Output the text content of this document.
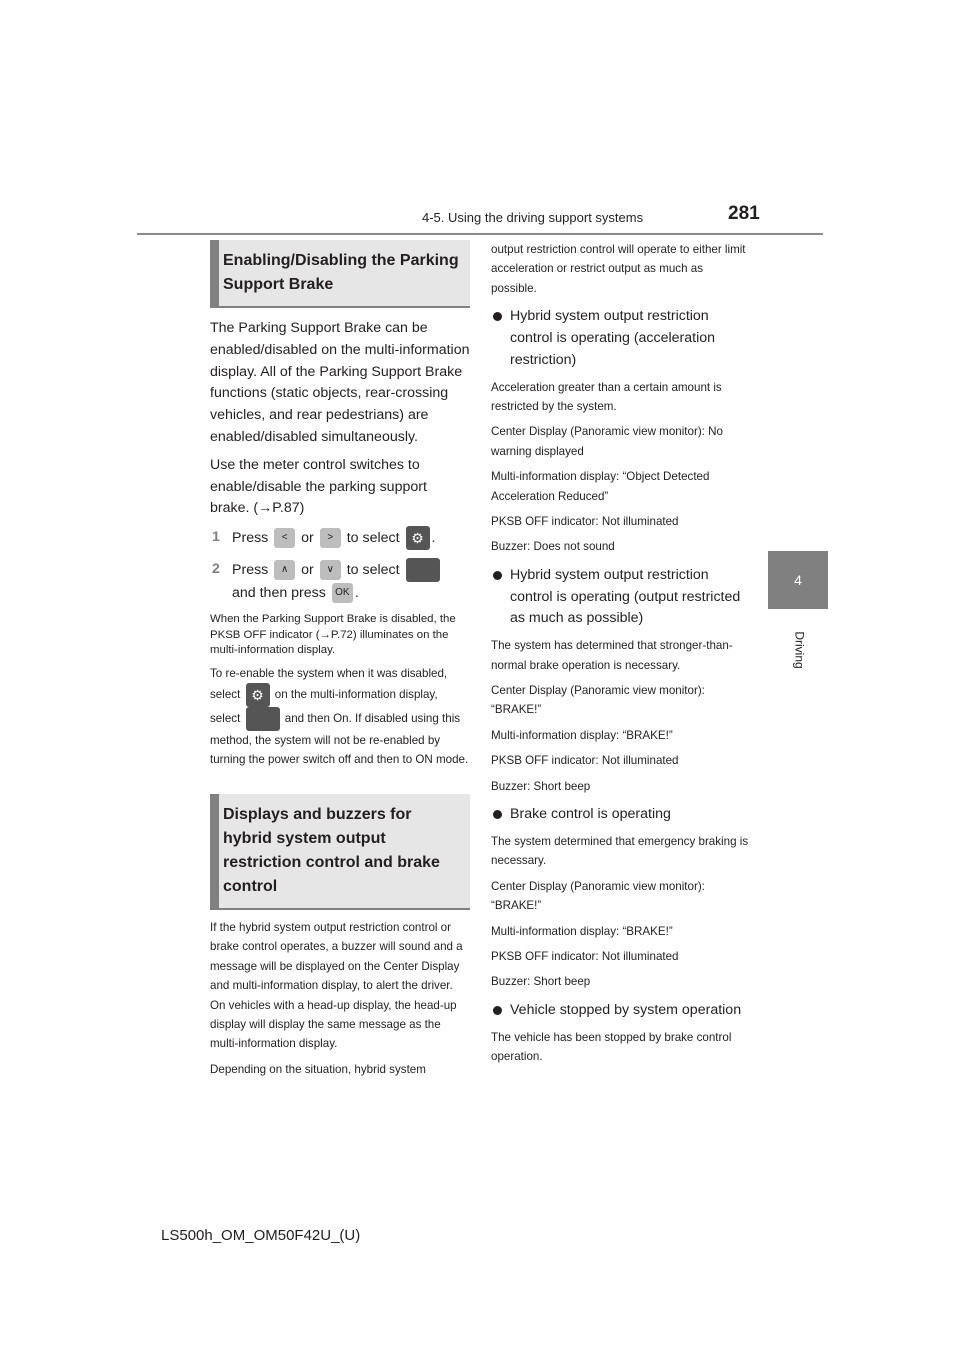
4-5. Using the driving support systems	281
4
Driving
Enabling/Disabling the Parking Support Brake

The Parking Support Brake can be enabled/disabled on the multi-information display. All of the Parking Support Brake functions (static objects, rear-crossing vehicles, and rear pedestrians) are enabled/disabled simultaneously.

Use the meter control switches to enable/disable the parking support brake. (→P.87)

1 Press < or > to select ⚙ .
2 Press ∧ or ∨ to select
and then press OK .

When the Parking Support Brake is disabled, the PKSB OFF indicator (→P.72) illuminates on the multi-information display.

To re-enable the system when it was disabled, select ⚙ on the multi-information display, select	and then On. If disabled using this method, the system will not be re-enabled by turning the power switch off and then to ON mode.

Displays and buzzers for hybrid system output restriction control and brake control

If the hybrid system output restriction control or brake control operates, a buzzer will sound and a message will be displayed on the Center Display and multi-information display, to alert the driver. On vehicles with a head-up display, the head-up display will display the same message as the multi-information display.

Depending on the situation, hybrid system

output restriction control will operate to either limit acceleration or restrict output as much as possible.

Hybrid system output restriction control is operating (acceleration restriction)

Acceleration greater than a certain amount is restricted by the system.

Center Display (Panoramic view monitor): No warning displayed

Multi-information display: “Object Detected Acceleration Reduced”

PKSB OFF indicator: Not illuminated

Buzzer: Does not sound

Hybrid system output restriction control is operating (output restricted as much as possible)

The system has determined that stronger-than-normal brake operation is necessary.

Center Display (Panoramic view monitor): “BRAKE!”

Multi-information display: “BRAKE!”

PKSB OFF indicator: Not illuminated

Buzzer: Short beep

Brake control is operating

The system determined that emergency braking is necessary.

Center Display (Panoramic view monitor): “BRAKE!”

Multi-information display: “BRAKE!”

PKSB OFF indicator: Not illuminated

Buzzer: Short beep

Vehicle stopped by system operation

The vehicle has been stopped by brake control operation.

LS500h_OM_OM50F42U_(U)
